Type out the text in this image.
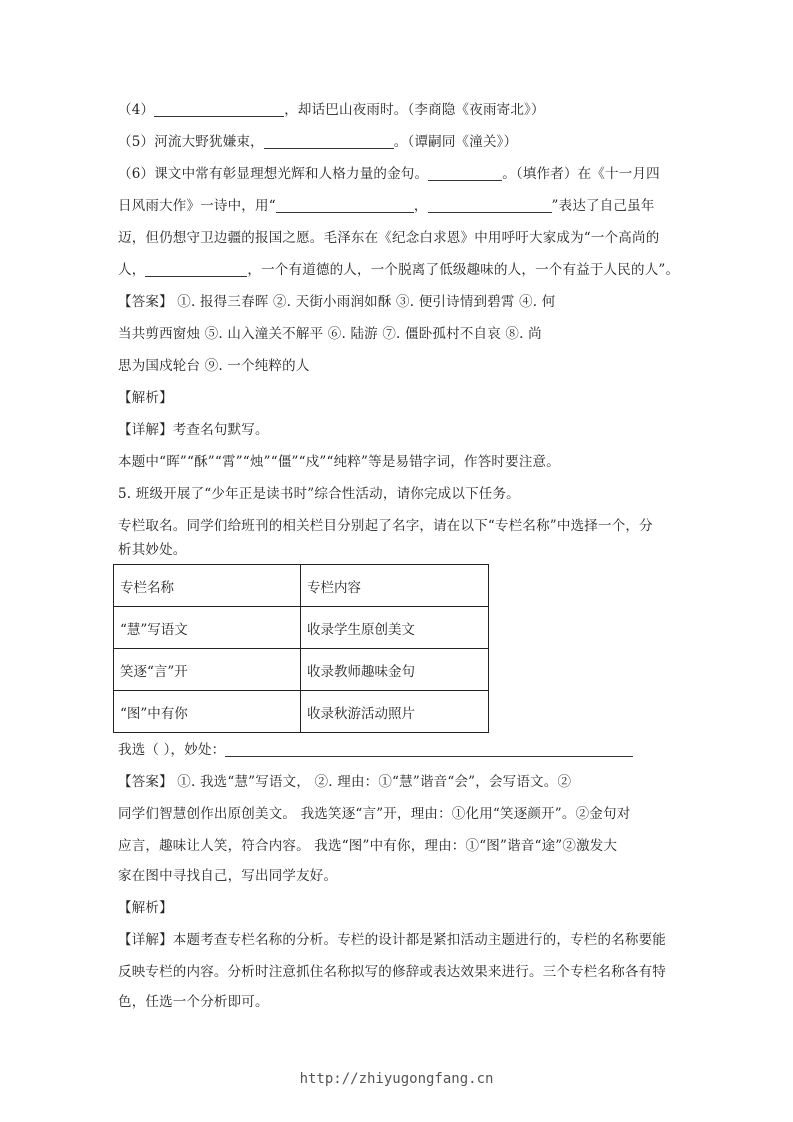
（4）	，却话巴山夜雨时。（李商隐《夜雨寄北》）
（5）河流大野犹嫌束，	。（谭嗣同《潼关》）
（6）课文中常有彰显理想光辉和人格力量的金句。	。（填作者）在《十一月四
日风雨大作》一诗中，用“	，	”表达了自己虽年
迈，但仍想守卫边疆的报国之愿。毛泽东在《纪念白求恩》中用呼吁大家成为“一个高尚的
人，	，一个有道德的人，一个脱离了低级趣味的人，一个有益于人民的人”。
【答案】 ①. 报得三春晖 ②. 天街小雨润如酥 ③. 便引诗情到碧霄 ④. 何
当共剪西窗烛 ⑤. 山入潼关不解平 ⑥. 陆游 ⑦. 僵卧孤村不自哀 ⑧. 尚
思为国戍轮台 ⑨. 一个纯粹的人
【解析】
【详解】考查名句默写。
本题中“晖”“酥”“霄”“烛”“僵”“戍”“纯粹”等是易错字词，作答时要注意。
5. 班级开展了“少年正是读书时”综合性活动，请你完成以下任务。
专栏取名。同学们给班刊的相关栏目分别起了名字，请在以下“专栏名称”中选择一个，分
析其妙处。
专栏名称	专栏内容
“慧”写语文	收录学生原创美文
笑逐“言”开	收录教师趣味金句
“图”中有你	收录秋游活动照片
我选（ ），妙处：
【答案】 ①. 我选“慧”写语文， ②. 理由：①“慧”谐音“会”，会写语文。②
同学们智慧创作出原创美文。 我选笑逐“言”开，理由：①化用“笑逐颜开”。②金句对
应言，趣味让人笑，符合内容。 我选“图”中有你，理由：①“图”谐音“途”②激发大
家在图中寻找自己，写出同学友好。
【解析】
【详解】本题考查专栏名称的分析。专栏的设计都是紧扣活动主题进行的，专栏的名称要能
反映专栏的内容。分析时注意抓住名称拟写的修辞或表达效果来进行。三个专栏名称各有特
色，任选一个分析即可。
http://zhiyugongfang.cn
